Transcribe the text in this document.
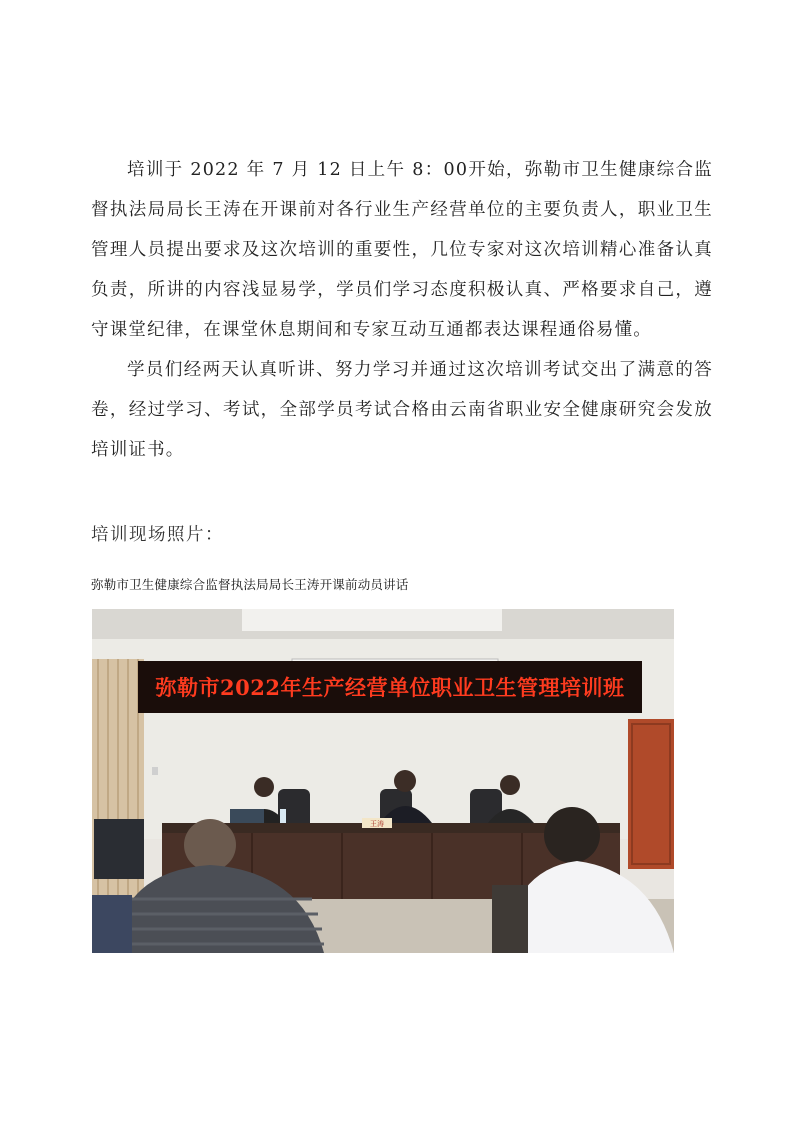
培训于 2022 年 7 月 12 日上午 8：00开始，弥勒市卫生健康综合监督执法局局长王涛在开课前对各行业生产经营单位的主要负责人，职业卫生管理人员提出要求及这次培训的重要性，几位专家对这次培训精心准备认真负责，所讲的内容浅显易学，学员们学习态度积极认真、严格要求自己，遵守课堂纪律，在课堂休息期间和专家互动互通都表达课程通俗易懂。

学员们经两天认真听讲、努力学习并通过这次培训考试交出了满意的答卷，经过学习、考试，全部学员考试合格由云南省职业安全健康研究会发放培训证书。

培训现场照片：

弥勒市卫生健康综合监督执法局局长王涛开课前动员讲话

弥勒市2022年生产经营单位职业卫生管理培训班
王涛
